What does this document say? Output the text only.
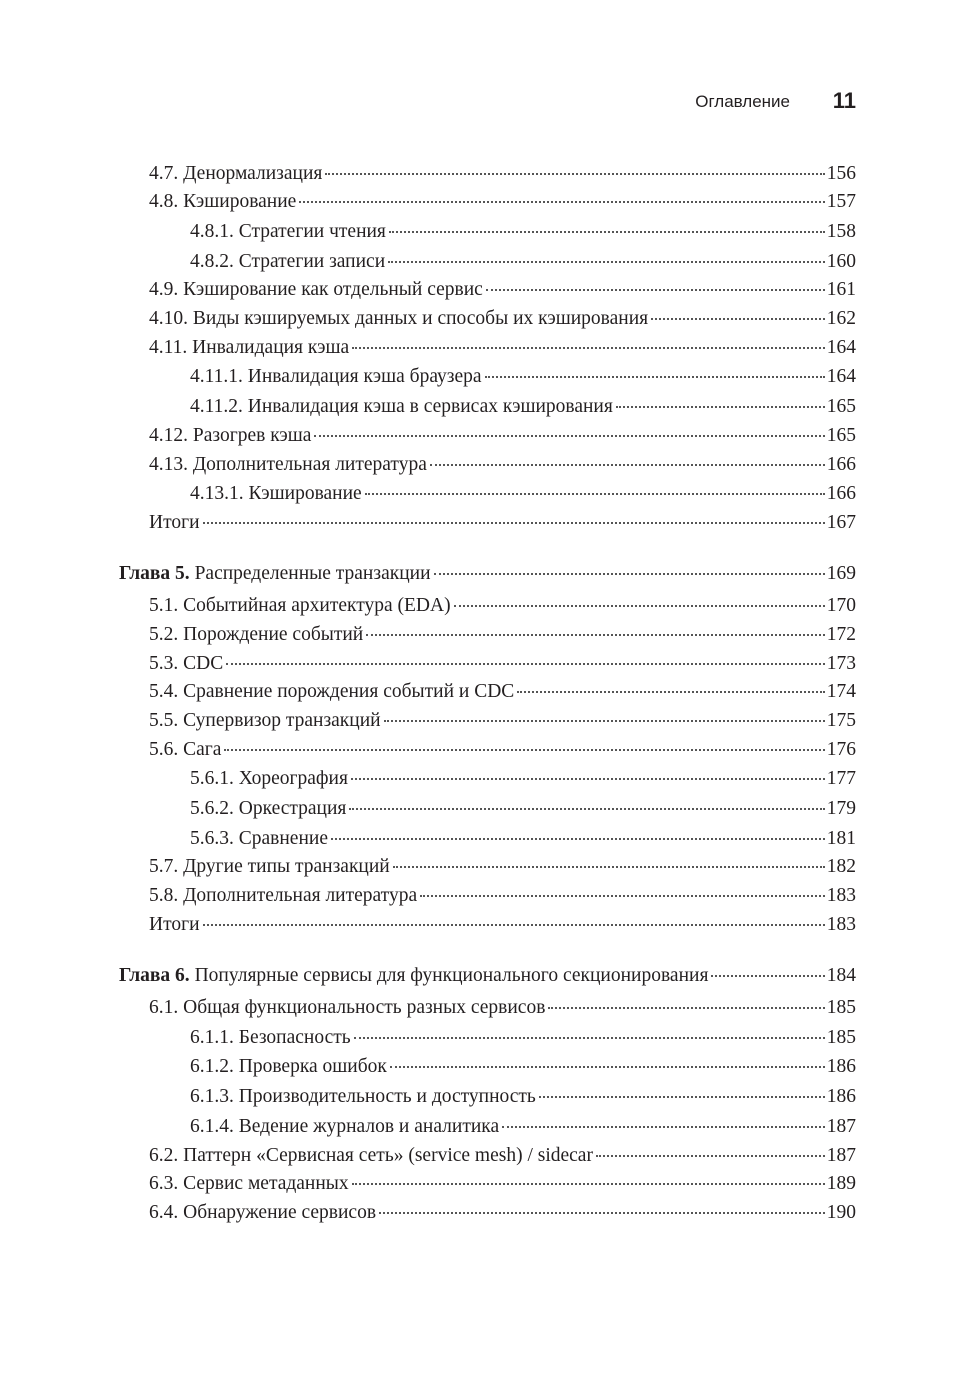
Оглавление 11
4.7. Денормализация	156
4.8. Кэширование	157
4.8.1. Стратегии чтения	158
4.8.2. Стратегии записи	160
4.9. Кэширование как отдельный сервис	161
4.10. Виды кэшируемых данных и способы их кэширования	162
4.11. Инвалидация кэша	164
4.11.1. Инвалидация кэша браузера	164
4.11.2. Инвалидация кэша в сервисах кэширования	165
4.12. Разогрев кэша	165
4.13. Дополнительная литература	166
4.13.1. Кэширование	166
Итоги	167
Глава 5. Распределенные транзакции	169
5.1. Событийная архитектура (EDA)	170
5.2. Порождение событий	172
5.3. CDC	173
5.4. Сравнение порождения событий и CDC	174
5.5. Супервизор транзакций	175
5.6. Сага	176
5.6.1. Хореография	177
5.6.2. Оркестрация	179
5.6.3. Сравнение	181
5.7. Другие типы транзакций	182
5.8. Дополнительная литература	183
Итоги	183
Глава 6. Популярные сервисы для функционального секционирования	184
6.1. Общая функциональность разных сервисов	185
6.1.1. Безопасность	185
6.1.2. Проверка ошибок	186
6.1.3. Производительность и доступность	186
6.1.4. Ведение журналов и аналитика	187
6.2. Паттерн «Сервисная сеть» (service mesh) / sidecar	187
6.3. Сервис метаданных	189
6.4. Обнаружение сервисов	190
